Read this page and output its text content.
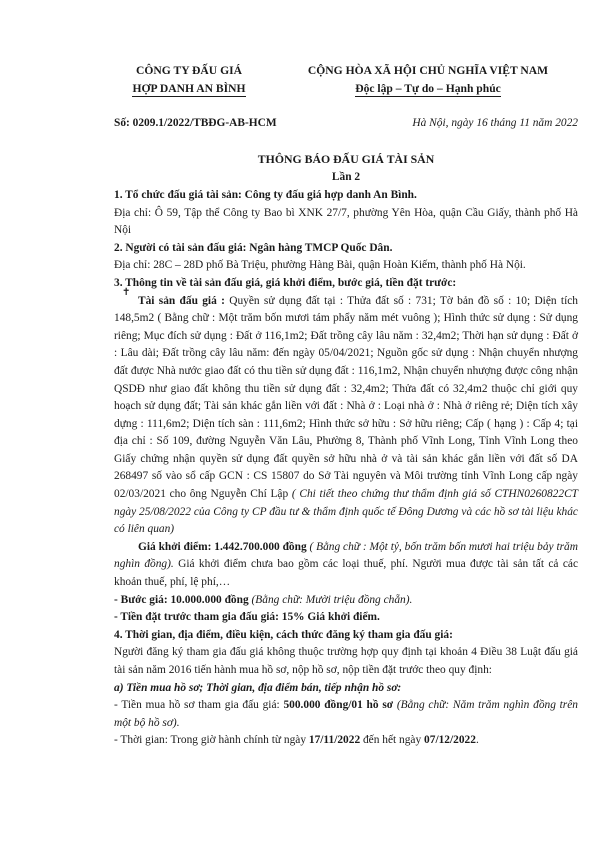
CÔNG TY ĐẤU GIÁ
HỢP DANH AN BÌNH
CỘNG HÒA XÃ HỘI CHỦ NGHĨA VIỆT NAM
Độc lập – Tự do – Hạnh phúc
Số: 0209.1/2022/TBĐG-AB-HCM	Hà Nội, ngày 16 tháng 11 năm 2022
THÔNG BÁO ĐẤU GIÁ TÀI SẢN
Lần 2

1. Tổ chức đấu giá tài sản: Công ty đấu giá hợp danh An Bình.

Địa chỉ: Ô 59, Tập thể Công ty Bao bì XNK 27/7, phường Yên Hòa, quận Cầu Giấy, thành phố Hà Nội

2. Người có tài sản đấu giá: Ngân hàng TMCP Quốc Dân.

Địa chỉ: 28C – 28D phố Bà Triệu, phường Hàng Bài, quận Hoàn Kiếm, thành phố Hà Nội.

3. Thông tin về tài sản đấu giá, giá khởi điểm, bước giá, tiền đặt trước:

Tài sản đấu giá : Quyền sử dụng đất tại : Thửa đất số : 731; Tờ bản đồ số : 10; Diện tích 148,5m2 ( Bằng chữ : Một trăm bốn mươi tám phẩy năm mét vuông ); Hình thức sử dụng : Sử dụng riêng; Mục đích sử dụng : Đất ở 116,1m2; Đất trồng cây lâu năm : 32,4m2; Thời hạn sử dụng : Đất ở : Lâu dài; Đất trồng cây lâu năm: đến ngày 05/04/2021; Nguồn gốc sử dụng : Nhận chuyển nhượng đất được Nhà nước giao đất có thu tiền sử dụng đất : 116,1m2, Nhận chuyển nhượng được công nhận QSDĐ như giao đất không thu tiền sử dụng đất : 32,4m2; Thửa đất có 32,4m2 thuộc chỉ giới quy hoạch sử dụng đất; Tài sản khác gắn liền với đất : Nhà ở : Loại nhà ở : Nhà ở riêng rẻ; Diện tích xây dựng : 111,6m2; Diện tích sàn : 111,6m2; Hình thức sở hữu : Sở hữu riêng; Cấp ( hạng ) : Cấp 4; tại địa chỉ : Số 109, đường Nguyễn Văn Lâu, Phường 8, Thành phố Vĩnh Long, Tỉnh Vĩnh Long theo Giấy chứng nhận quyền sử dụng đất quyền sở hữu nhà ở và tài sản khác gắn liền với đất số DA 268497 số vào sổ cấp GCN : CS 15807 do Sở Tài nguyên và Môi trường tỉnh Vĩnh Long cấp ngày 02/03/2021 cho ông Nguyễn Chí Lập ( Chi tiết theo chứng thư thẩm định giá số CTHN0260822CT ngày 25/08/2022 của Công ty CP đầu tư & thẩm định quốc tế Đông Dương và các hồ sơ tài liệu khác có liên quan)

Giá khởi điểm: 1.442.700.000 đồng ( Bằng chữ : Một tỷ, bốn trăm bốn mươi hai triệu bảy trăm nghìn đồng). Giá khởi điểm chưa bao gồm các loại thuế, phí. Người mua được tài sản tất cả các khoản thuế, phí, lệ phí,…

- Bước giá: 10.000.000 đồng (Bằng chữ: Mười triệu đồng chẵn).

- Tiền đặt trước tham gia đấu giá: 15% Giá khởi điểm.

4. Thời gian, địa điểm, điều kiện, cách thức đăng ký tham gia đấu giá:

Người đăng ký tham gia đấu giá không thuộc trường hợp quy định tại khoản 4 Điều 38 Luật đấu giá tài sản năm 2016 tiến hành mua hồ sơ, nộp hồ sơ, nộp tiền đặt trước theo quy định:

a) Tiền mua hồ sơ; Thời gian, địa điểm bán, tiếp nhận hồ sơ:

- Tiền mua hồ sơ tham gia đấu giá: 500.000 đồng/01 hồ sơ (Bằng chữ: Năm trăm nghìn đồng trên một bộ hồ sơ).

- Thời gian: Trong giờ hành chính từ ngày 17/11/2022 đến hết ngày 07/12/2022.

✝
